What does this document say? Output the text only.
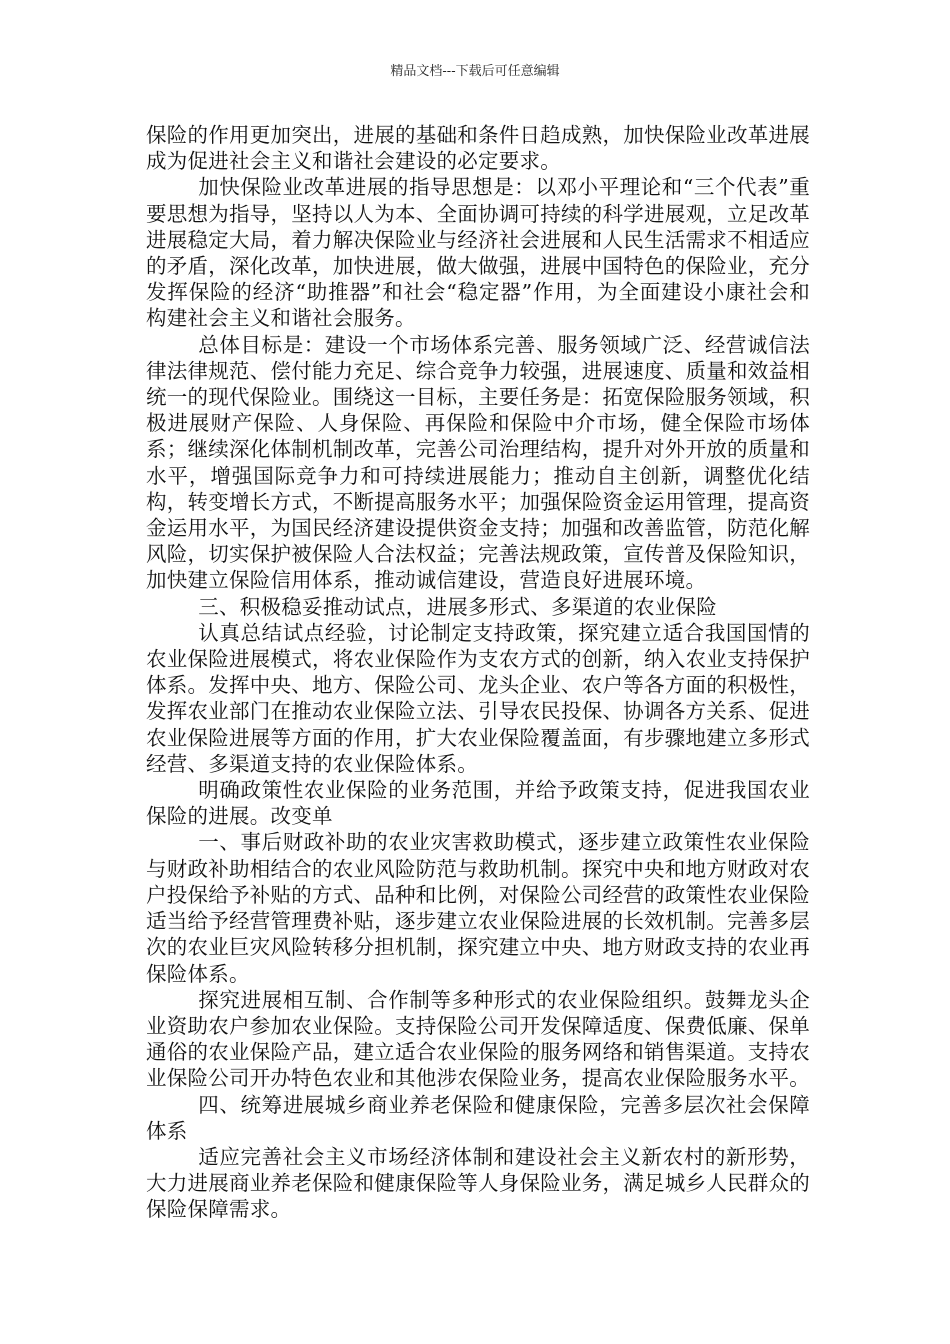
精品文档---下载后可任意编辑

保险的作用更加突出，进展的基础和条件日趋成熟，加快保险业改革进展成为促进社会主义和谐社会建设的必定要求。

加快保险业改革进展的指导思想是：以邓小平理论和“三个代表”重要思想为指导，坚持以人为本、全面协调可持续的科学进展观，立足改革进展稳定大局，着力解决保险业与经济社会进展和人民生活需求不相适应的矛盾，深化改革，加快进展，做大做强，进展中国特色的保险业，充分发挥保险的经济“助推器”和社会“稳定器”作用，为全面建设小康社会和构建社会主义和谐社会服务。

总体目标是：建设一个市场体系完善、服务领域广泛、经营诚信法律法律规范、偿付能力充足、综合竞争力较强，进展速度、质量和效益相统一的现代保险业。围绕这一目标，主要任务是：拓宽保险服务领域，积极进展财产保险、人身保险、再保险和保险中介市场，健全保险市场体系；继续深化体制机制改革，完善公司治理结构，提升对外开放的质量和水平，增强国际竞争力和可持续进展能力；推动自主创新，调整优化结构，转变增长方式，不断提高服务水平；加强保险资金运用管理，提高资金运用水平，为国民经济建设提供资金支持；加强和改善监管，防范化解风险，切实保护被保险人合法权益；完善法规政策，宣传普及保险知识，加快建立保险信用体系，推动诚信建设，营造良好进展环境。

三、积极稳妥推动试点，进展多形式、多渠道的农业保险

认真总结试点经验，讨论制定支持政策，探究建立适合我国国情的农业保险进展模式，将农业保险作为支农方式的创新，纳入农业支持保护体系。发挥中央、地方、保险公司、龙头企业、农户等各方面的积极性，发挥农业部门在推动农业保险立法、引导农民投保、协调各方关系、促进农业保险进展等方面的作用，扩大农业保险覆盖面，有步骤地建立多形式经营、多渠道支持的农业保险体系。

明确政策性农业保险的业务范围，并给予政策支持，促进我国农业保险的进展。改变单

一、事后财政补助的农业灾害救助模式，逐步建立政策性农业保险与财政补助相结合的农业风险防范与救助机制。探究中央和地方财政对农户投保给予补贴的方式、品种和比例，对保险公司经营的政策性农业保险适当给予经营管理费补贴，逐步建立农业保险进展的长效机制。完善多层次的农业巨灾风险转移分担机制，探究建立中央、地方财政支持的农业再保险体系。

探究进展相互制、合作制等多种形式的农业保险组织。鼓舞龙头企业资助农户参加农业保险。支持保险公司开发保障适度、保费低廉、保单通俗的农业保险产品，建立适合农业保险的服务网络和销售渠道。支持农业保险公司开办特色农业和其他涉农保险业务，提高农业保险服务水平。

四、统筹进展城乡商业养老保险和健康保险，完善多层次社会保障体系

适应完善社会主义市场经济体制和建设社会主义新农村的新形势，大力进展商业养老保险和健康保险等人身保险业务，满足城乡人民群众的保险保障需求。
